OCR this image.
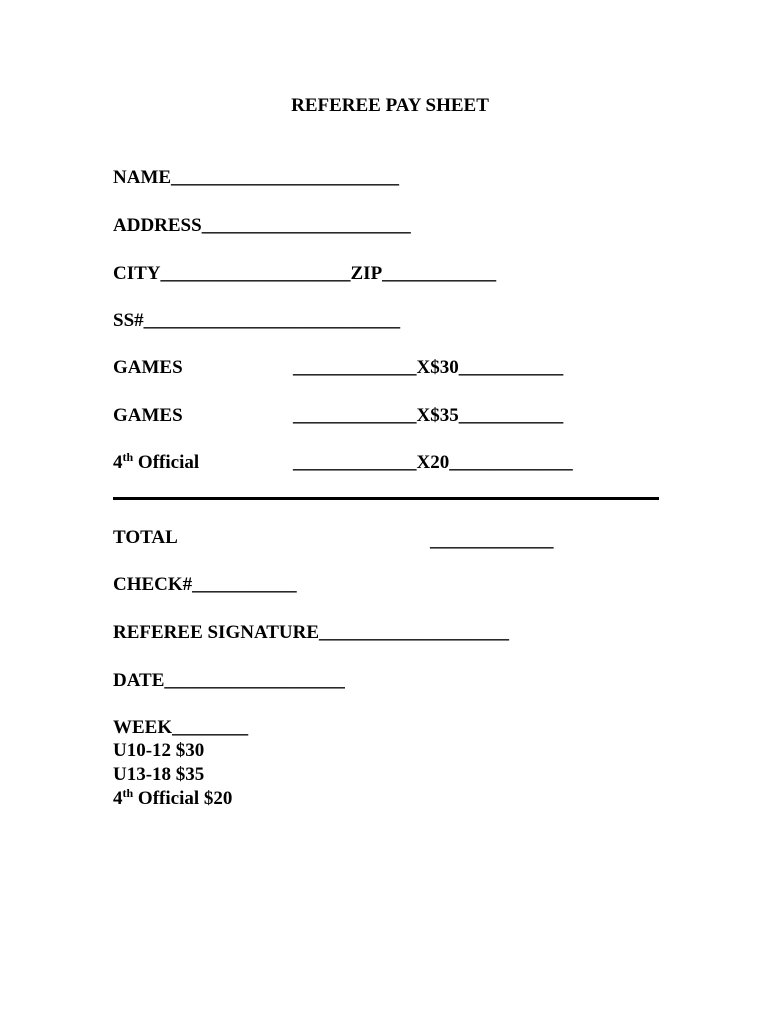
REFEREE PAY SHEET
NAME________________________
ADDRESS______________________
CITY____________________ZIP____________
SS#___________________________
GAMES	_____________X$30___________
GAMES	_____________X$35___________
4th Official	_____________X20_____________
TOTAL	_____________
CHECK#___________
REFEREE SIGNATURE____________________
DATE___________________
WEEK________
U10-12 $30
U13-18 $35
4th Official $20
